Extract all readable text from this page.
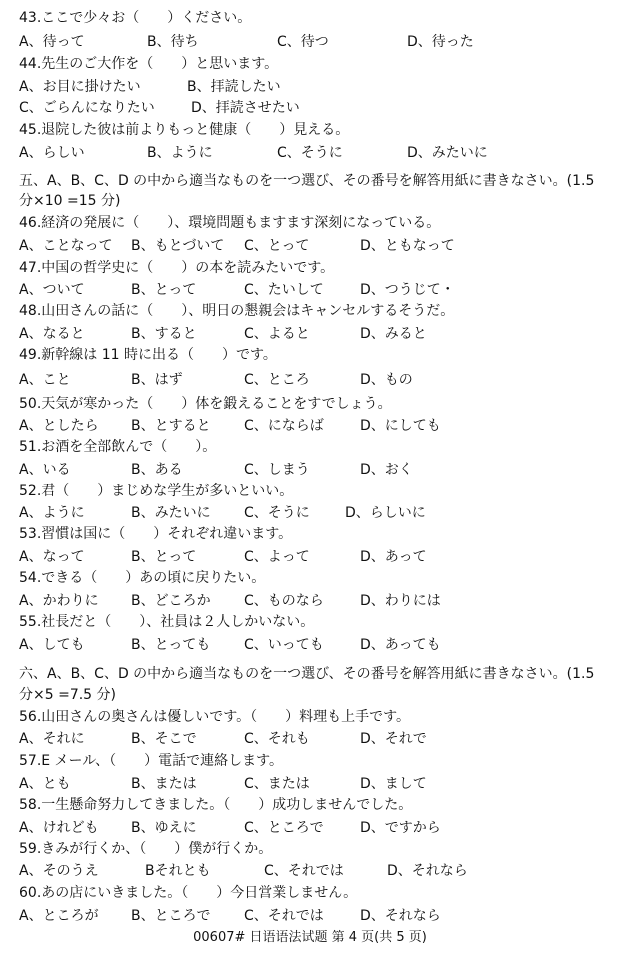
43.ここで少々お（　　）ください。
A、待って	B、待ち	C、待つ	D、待った
44.先生のご大作を（　　）と思います。
A、お目に掛けたい	B、拝読したい
C、ごらんになりたい	D、拝読させたい
45.退院した彼は前よりもっと健康（　　）見える。
A、らしい	B、ように	C、そうに	D、みたいに
五、A、B、C、D の中から適当なものを一つ選び、その番号を解答用紙に書きなさい。(1.5
分×10 =15 分)
46.経済の発展に（　　）、環境問題もますます深刻になっている。
A、ことなって B、もとづいて C、とって	D、ともなって
47.中国の哲学史に（　　）の本を読みたいです。
A、ついて	B、とって	C、たいして	D、つうじて・
48.山田さんの話に（　　）、明日の懇親会はキャンセルするそうだ。
A、なると	B、すると	C、よると	D、みると
49.新幹線は 11 時に出る（　　）です。
A、こと	B、はず	C、ところ	D、もの
50.天気が寒かった（　　）体を鍛えることをすでしょう。
A、としたら B、とすると C、にならば	D、にしても
51.お酒を全部飲んで（　　）。
A、いる	B、ある	C、しまう	D、おく
52.君（　　）まじめな学生が多いといい。
A、ように	B、みたいに C、そうに	D、らしいに
53.習慣は国に（　　）それぞれ違います。
A、なって	B、とって	C、よって	D、あって
54.できる（　　）あの頃に戻りたい。
A、かわりに B、どころか C、ものなら	D、わりには
55.社長だと（　　）、社員は２人しかいない。
A、しても	B、とっても C、いっても	D、あっても
六、A、B、C、D の中から適当なものを一つ選び、その番号を解答用紙に書きなさい。(1.5
分×5 =7.5 分)
56.山田さんの奥さんは優しいです。（　　）料理も上手です。
A、それに	B、そこで	C、それも	D、それで
57.E メール、（　　）電話で連絡します。
A、とも	B、または	C、または	D、まして
58.一生懸命努力してきました。（　　）成功しませんでした。
A、けれども B、ゆえに	C、ところで	D、ですから
59.きみが行くか、（　　）僕が行くか。
A、そのうえ	Bそれとも	C、それでは	D、それなら
60.あの店にいきました。（　　）今日営業しません。
A、ところが B、ところで C、それでは	D、それなら
00607# 日语语法试题 第 4 页(共 5 页)
